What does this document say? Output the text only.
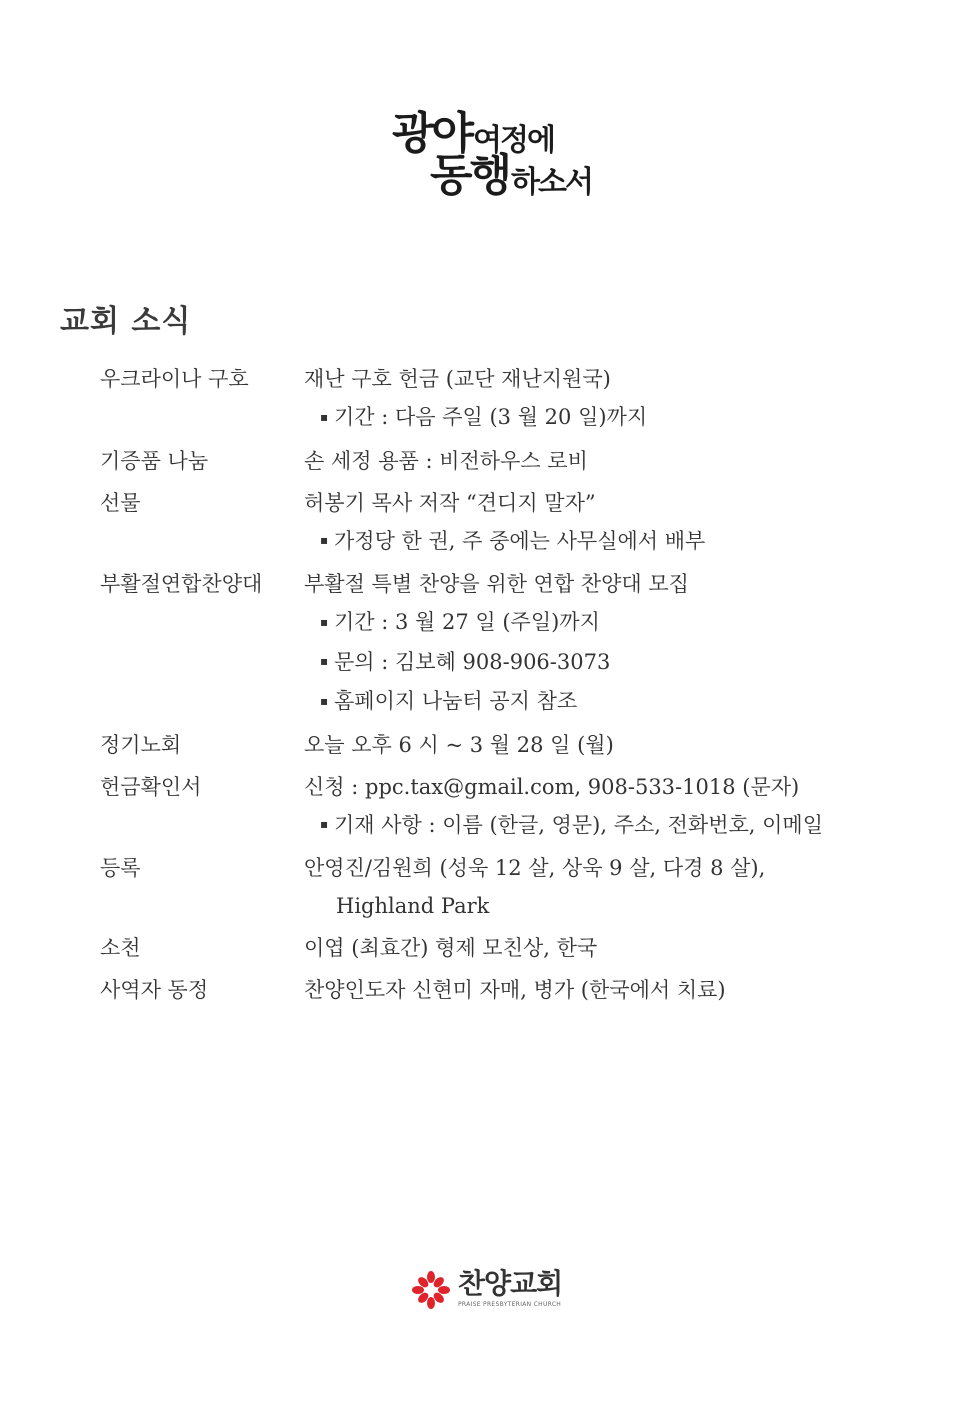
광야 여정에
동행 하소서
교회 소식
우크라이나 구호	재난 구호 헌금 (교단 재난지원국)
▪ 기간 : 다음 주일 (3 월 20 일)까지
기증품 나눔	손 세정 용품 : 비전하우스 로비
선물	허봉기 목사 저작 “견디지 말자”
▪ 가정당 한 권, 주 중에는 사무실에서 배부
부활절연합찬양대	부활절 특별 찬양을 위한 연합 찬양대 모집
▪ 기간 : 3 월 27 일 (주일)까지
▪ 문의 : 김보혜 908-906-3073
▪ 홈페이지 나눔터 공지 참조
정기노회	오늘 오후 6 시 ~ 3 월 28 일 (월)
헌금확인서	신청 : ppc.tax@gmail.com, 908-533-1018 (문자)
▪ 기재 사항 : 이름 (한글, 영문), 주소, 전화번호, 이메일
등록	안영진/김원희 (성욱 12 살, 상욱 9 살, 다경 8 살),
Highland Park
소천	이엽 (최효간) 형제 모친상, 한국
사역자 동정	찬양인도자 신현미 자매, 병가 (한국에서 치료)
찬양교회
PRAISE PRESBYTERIAN CHURCH
